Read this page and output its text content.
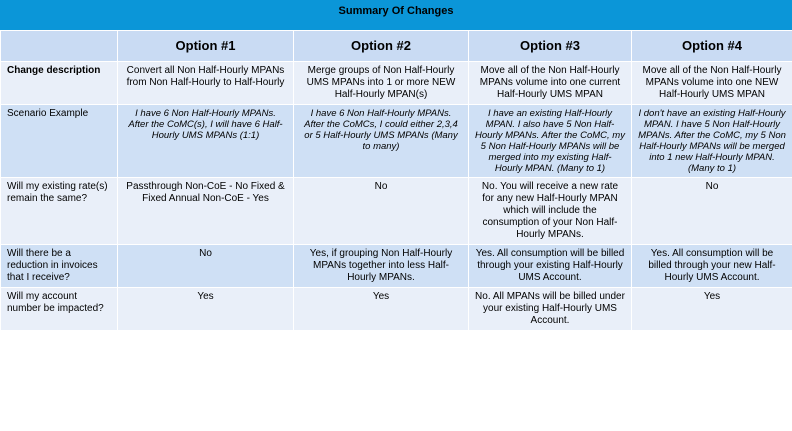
Summary Of Changes
	Option #1	Option #2	Option #3	Option #4
Change description	Convert all Non Half-Hourly MPANs from Non Half-Hourly to Half-Hourly	Merge groups of Non Half-Hourly UMS MPANs into 1 or more NEW Half-Hourly MPAN(s)	Move all of the Non Half-Hourly MPANs volume into one current Half-Hourly UMS MPAN	Move all of the Non Half-Hourly MPANs volume into one NEW Half-Hourly UMS MPAN
Scenario Example	I have 6 Non Half-Hourly MPANs. After the CoMC(s), I will have 6 Half-Hourly UMS MPANs (1:1)	I have 6 Non Half-Hourly MPANs. After the CoMCs, I could either 2,3,4 or 5 Half-Hourly UMS MPANs (Many to many)	I have an existing Half-Hourly MPAN. I also have 5 Non Half-Hourly MPANs. After the CoMC, my 5 Non Half-Hourly MPANs will be merged into my existing Half-Hourly MPAN. (Many to 1)	I don't have an existing Half-Hourly MPAN. I have 5 Non Half-Hourly MPANs. After the CoMC, my 5 Non Half-Hourly MPANs will be merged into 1 new Half-Hourly MPAN. (Many to 1)
Will my existing rate(s) remain the same?	Passthrough Non-CoE - No Fixed & Fixed Annual Non-CoE - Yes	No	No. You will receive a new rate for any new Half-Hourly MPAN which will include the consumption of your Non Half-Hourly MPANs.	No
Will there be a reduction in invoices that I receive?	No	Yes, if grouping Non Half-Hourly MPANs together into less Half-Hourly MPANs.	Yes. All consumption will be billed through your existing Half-Hourly UMS Account.	Yes. All consumption will be billed through your new Half-Hourly UMS Account.
Will my account number be impacted?	Yes	Yes	No. All MPANs will be billed under your existing Half-Hourly UMS Account.	Yes
